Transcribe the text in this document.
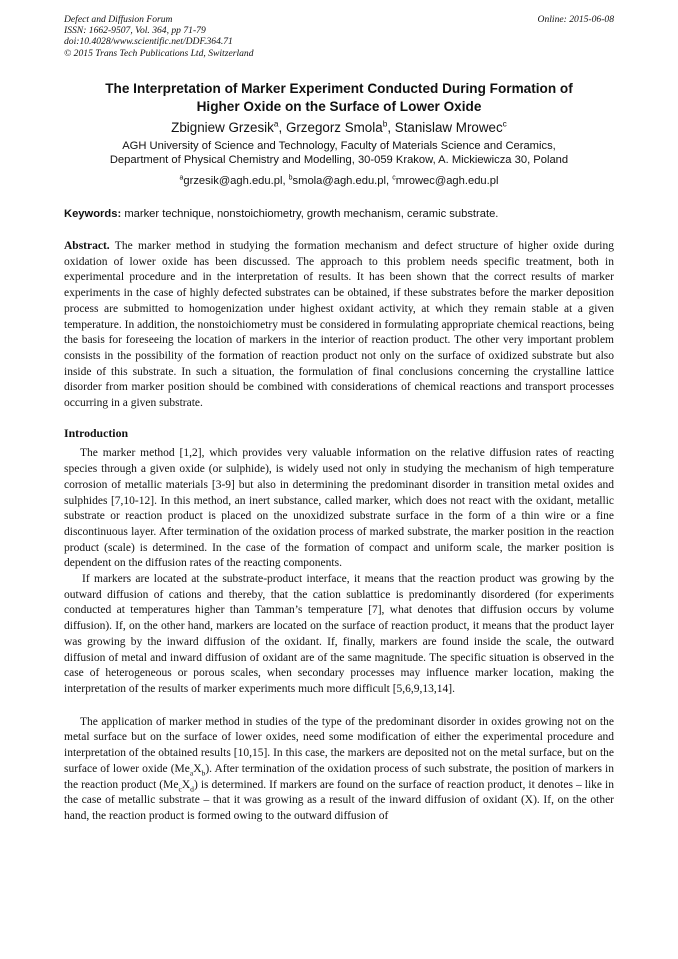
Defect and Diffusion Forum
ISSN: 1662-9507, Vol. 364, pp 71-79
doi:10.4028/www.scientific.net/DDF.364.71
© 2015 Trans Tech Publications Ltd, Switzerland
Online: 2015-06-08
The Interpretation of Marker Experiment Conducted During Formation of
Higher Oxide on the Surface of Lower Oxide
Zbigniew Grzesik$^a$, Grzegorz Smola$^b$, Stanislaw Mrowec$^c$
AGH University of Science and Technology, Faculty of Materials Science and Ceramics,
Department of Physical Chemistry and Modelling, 30-059 Krakow, A. Mickiewicza 30, Poland
$^a$grzesik@agh.edu.pl, $^b$smola@agh.edu.pl, $^c$mrowec@agh.edu.pl
Keywords: marker technique, nonstoichiometry, growth mechanism, ceramic substrate.
Abstract. The marker method in studying the formation mechanism and defect structure of higher oxide during oxidation of lower oxide has been discussed. The approach to this problem needs specific treatment, both in experimental procedure and in the interpretation of results. It has been shown that the correct results of marker experiments in the case of highly defected substrates can be obtained, if these substrates before the marker deposition process are submitted to homogenization under highest oxidant activity, at which they remain stable at a given temperature. In addition, the nonstoichiometry must be considered in formulating appropriate chemical reactions, being the basis for foreseeing the location of markers in the interior of reaction product. The other very important problem consists in the possibility of the formation of reaction product not only on the surface of oxidized substrate but also inside of this substrate. In such a situation, the formulation of final conclusions concerning the crystalline lattice disorder from marker position should be combined with considerations of chemical reactions and transport processes occurring in a given substrate.
Introduction

The marker method [1,2], which provides very valuable information on the relative diffusion rates of reacting species through a given oxide (or sulphide), is widely used not only in studying the mechanism of high temperature corrosion of metallic materials [3-9] but also in determining the predominant disorder in transition metal oxides and sulphides [7,10-12]. In this method, an inert substance, called marker, which does not react with the oxidant, metallic substrate or reaction product is placed on the unoxidized substrate surface in the form of a thin wire or a fine discontinuous layer. After termination of the oxidation process of marked substrate, the marker position in the reaction product (scale) is determined. In the case of the formation of compact and uniform scale, the marker position is dependent on the diffusion rates of the reacting components.

If markers are located at the substrate-product interface, it means that the reaction product was growing by the outward diffusion of cations and thereby, that the cation sublattice is predominantly disordered (for experiments conducted at temperatures higher than Tamman’s temperature [7], what denotes that diffusion occurs by volume diffusion). If, on the other hand, markers are located on the surface of reaction product, it means that the product layer was growing by the inward diffusion of the oxidant. If, finally, markers are found inside the scale, the outward diffusion of metal and inward diffusion of oxidant are of the same magnitude. The specific situation is observed in the case of heterogeneous or porous scales, when secondary processes may influence marker location, making the interpretation of the results of marker experiments much more difficult [5,6,9,13,14].

The application of marker method in studies of the type of the predominant disorder in oxides growing not on the metal surface but on the surface of lower oxides, need some modification of either the experimental procedure and interpretation of the obtained results [10,15]. In this case, the markers are deposited not on the metal surface, but on the surface of lower oxide $(Me_aX_b)$. After termination of the oxidation process of such substrate, the position of markers in the reaction product $(Me_cX_d)$ is determined. If markers are found on the surface of reaction product, it denotes – like in the case of metallic substrate – that it was growing as a result of the inward diffusion of oxidant (X). If, on the other hand, the reaction product is formed owing to the outward diffusion of
